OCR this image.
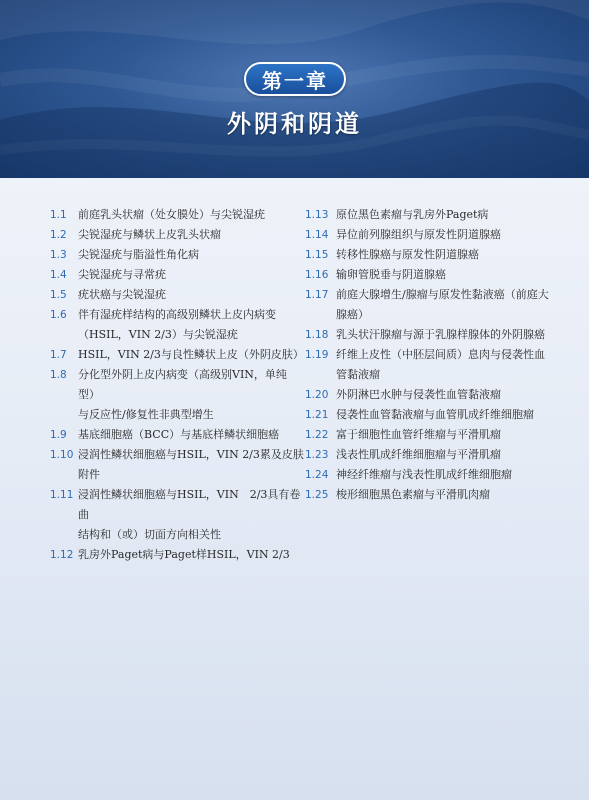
第一章
外阴和阴道
1.1	前庭乳头状瘤（处女膜处）与尖锐湿疣
1.2	尖锐湿疣与鳞状上皮乳头状瘤
1.3	尖锐湿疣与脂溢性角化病
1.4	尖锐湿疣与寻常疣
1.5	疣状癌与尖锐湿疣
1.6	伴有湿疣样结构的高级别鳞状上皮内病变
（HSIL，VIN 2/3）与尖锐湿疣
1.7	HSIL，VIN 2/3与良性鳞状上皮（外阴皮肤）
1.8	分化型外阴上皮内病变（高级别VIN，单纯型）
与反应性/修复性非典型增生
1.9	基底细胞癌（BCC）与基底样鳞状细胞癌
1.10 浸润性鳞状细胞癌与HSIL，VIN 2/3累及皮肤附件
1.11 浸润性鳞状细胞癌与HSIL，VIN　2/3具有卷曲
结构和（或）切面方向相关性
1.12 乳房外Paget病与Paget样HSIL，VIN 2/3
1.13 原位黑色素瘤与乳房外Paget病
1.14 异位前列腺组织与原发性阴道腺癌
1.15 转移性腺癌与原发性阴道腺癌
1.16 输卵管脱垂与阴道腺癌
1.17 前庭大腺增生/腺瘤与原发性黏液癌（前庭大
腺癌）
1.18 乳头状汗腺瘤与源于乳腺样腺体的外阴腺癌
1.19 纤维上皮性（中胚层间质）息肉与侵袭性血
管黏液瘤
1.20 外阴淋巴水肿与侵袭性血管黏液瘤
1.21 侵袭性血管黏液瘤与血管肌成纤维细胞瘤
1.22 富于细胞性血管纤维瘤与平滑肌瘤
1.23 浅表性肌成纤维细胞瘤与平滑肌瘤
1.24 神经纤维瘤与浅表性肌成纤维细胞瘤
1.25 梭形细胞黑色素瘤与平滑肌肉瘤
